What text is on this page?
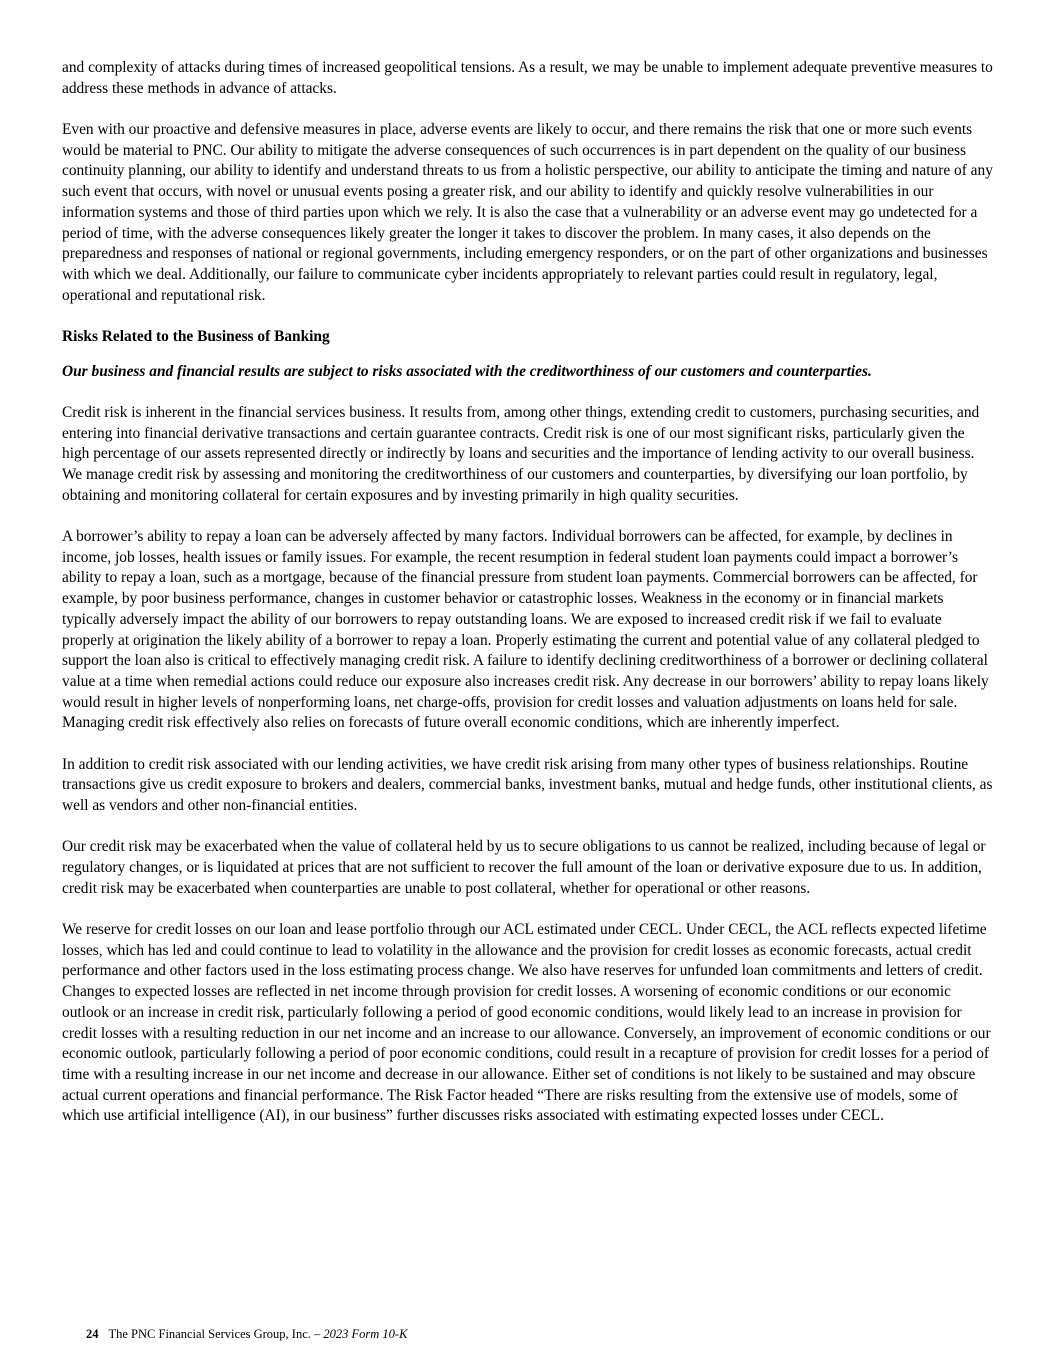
and complexity of attacks during times of increased geopolitical tensions. As a result, we may be unable to implement adequate preventive measures to address these methods in advance of attacks.

Even with our proactive and defensive measures in place, adverse events are likely to occur, and there remains the risk that one or more such events would be material to PNC. Our ability to mitigate the adverse consequences of such occurrences is in part dependent on the quality of our business continuity planning, our ability to identify and understand threats to us from a holistic perspective, our ability to anticipate the timing and nature of any such event that occurs, with novel or unusual events posing a greater risk, and our ability to identify and quickly resolve vulnerabilities in our information systems and those of third parties upon which we rely. It is also the case that a vulnerability or an adverse event may go undetected for a period of time, with the adverse consequences likely greater the longer it takes to discover the problem. In many cases, it also depends on the preparedness and responses of national or regional governments, including emergency responders, or on the part of other organizations and businesses with which we deal. Additionally, our failure to communicate cyber incidents appropriately to relevant parties could result in regulatory, legal, operational and reputational risk.

Risks Related to the Business of Banking

Our business and financial results are subject to risks associated with the creditworthiness of our customers and counterparties.

Credit risk is inherent in the financial services business. It results from, among other things, extending credit to customers, purchasing securities, and entering into financial derivative transactions and certain guarantee contracts. Credit risk is one of our most significant risks, particularly given the high percentage of our assets represented directly or indirectly by loans and securities and the importance of lending activity to our overall business. We manage credit risk by assessing and monitoring the creditworthiness of our customers and counterparties, by diversifying our loan portfolio, by obtaining and monitoring collateral for certain exposures and by investing primarily in high quality securities.

A borrower’s ability to repay a loan can be adversely affected by many factors. Individual borrowers can be affected, for example, by declines in income, job losses, health issues or family issues. For example, the recent resumption in federal student loan payments could impact a borrower’s ability to repay a loan, such as a mortgage, because of the financial pressure from student loan payments. Commercial borrowers can be affected, for example, by poor business performance, changes in customer behavior or catastrophic losses. Weakness in the economy or in financial markets typically adversely impact the ability of our borrowers to repay outstanding loans. We are exposed to increased credit risk if we fail to evaluate properly at origination the likely ability of a borrower to repay a loan. Properly estimating the current and potential value of any collateral pledged to support the loan also is critical to effectively managing credit risk. A failure to identify declining creditworthiness of a borrower or declining collateral value at a time when remedial actions could reduce our exposure also increases credit risk. Any decrease in our borrowers’ ability to repay loans likely would result in higher levels of nonperforming loans, net charge-offs, provision for credit losses and valuation adjustments on loans held for sale. Managing credit risk effectively also relies on forecasts of future overall economic conditions, which are inherently imperfect.

In addition to credit risk associated with our lending activities, we have credit risk arising from many other types of business relationships. Routine transactions give us credit exposure to brokers and dealers, commercial banks, investment banks, mutual and hedge funds, other institutional clients, as well as vendors and other non-financial entities.

Our credit risk may be exacerbated when the value of collateral held by us to secure obligations to us cannot be realized, including because of legal or regulatory changes, or is liquidated at prices that are not sufficient to recover the full amount of the loan or derivative exposure due to us. In addition, credit risk may be exacerbated when counterparties are unable to post collateral, whether for operational or other reasons.

We reserve for credit losses on our loan and lease portfolio through our ACL estimated under CECL. Under CECL, the ACL reflects expected lifetime losses, which has led and could continue to lead to volatility in the allowance and the provision for credit losses as economic forecasts, actual credit performance and other factors used in the loss estimating process change. We also have reserves for unfunded loan commitments and letters of credit. Changes to expected losses are reflected in net income through provision for credit losses. A worsening of economic conditions or our economic outlook or an increase in credit risk, particularly following a period of good economic conditions, would likely lead to an increase in provision for credit losses with a resulting reduction in our net income and an increase to our allowance. Conversely, an improvement of economic conditions or our economic outlook, particularly following a period of poor economic conditions, could result in a recapture of provision for credit losses for a period of time with a resulting increase in our net income and decrease in our allowance. Either set of conditions is not likely to be sustained and may obscure actual current operations and financial performance. The Risk Factor headed “There are risks resulting from the extensive use of models, some of which use artificial intelligence (AI), in our business” further discusses risks associated with estimating expected losses under CECL.

24 The PNC Financial Services Group, Inc. – 2023 Form 10-K
